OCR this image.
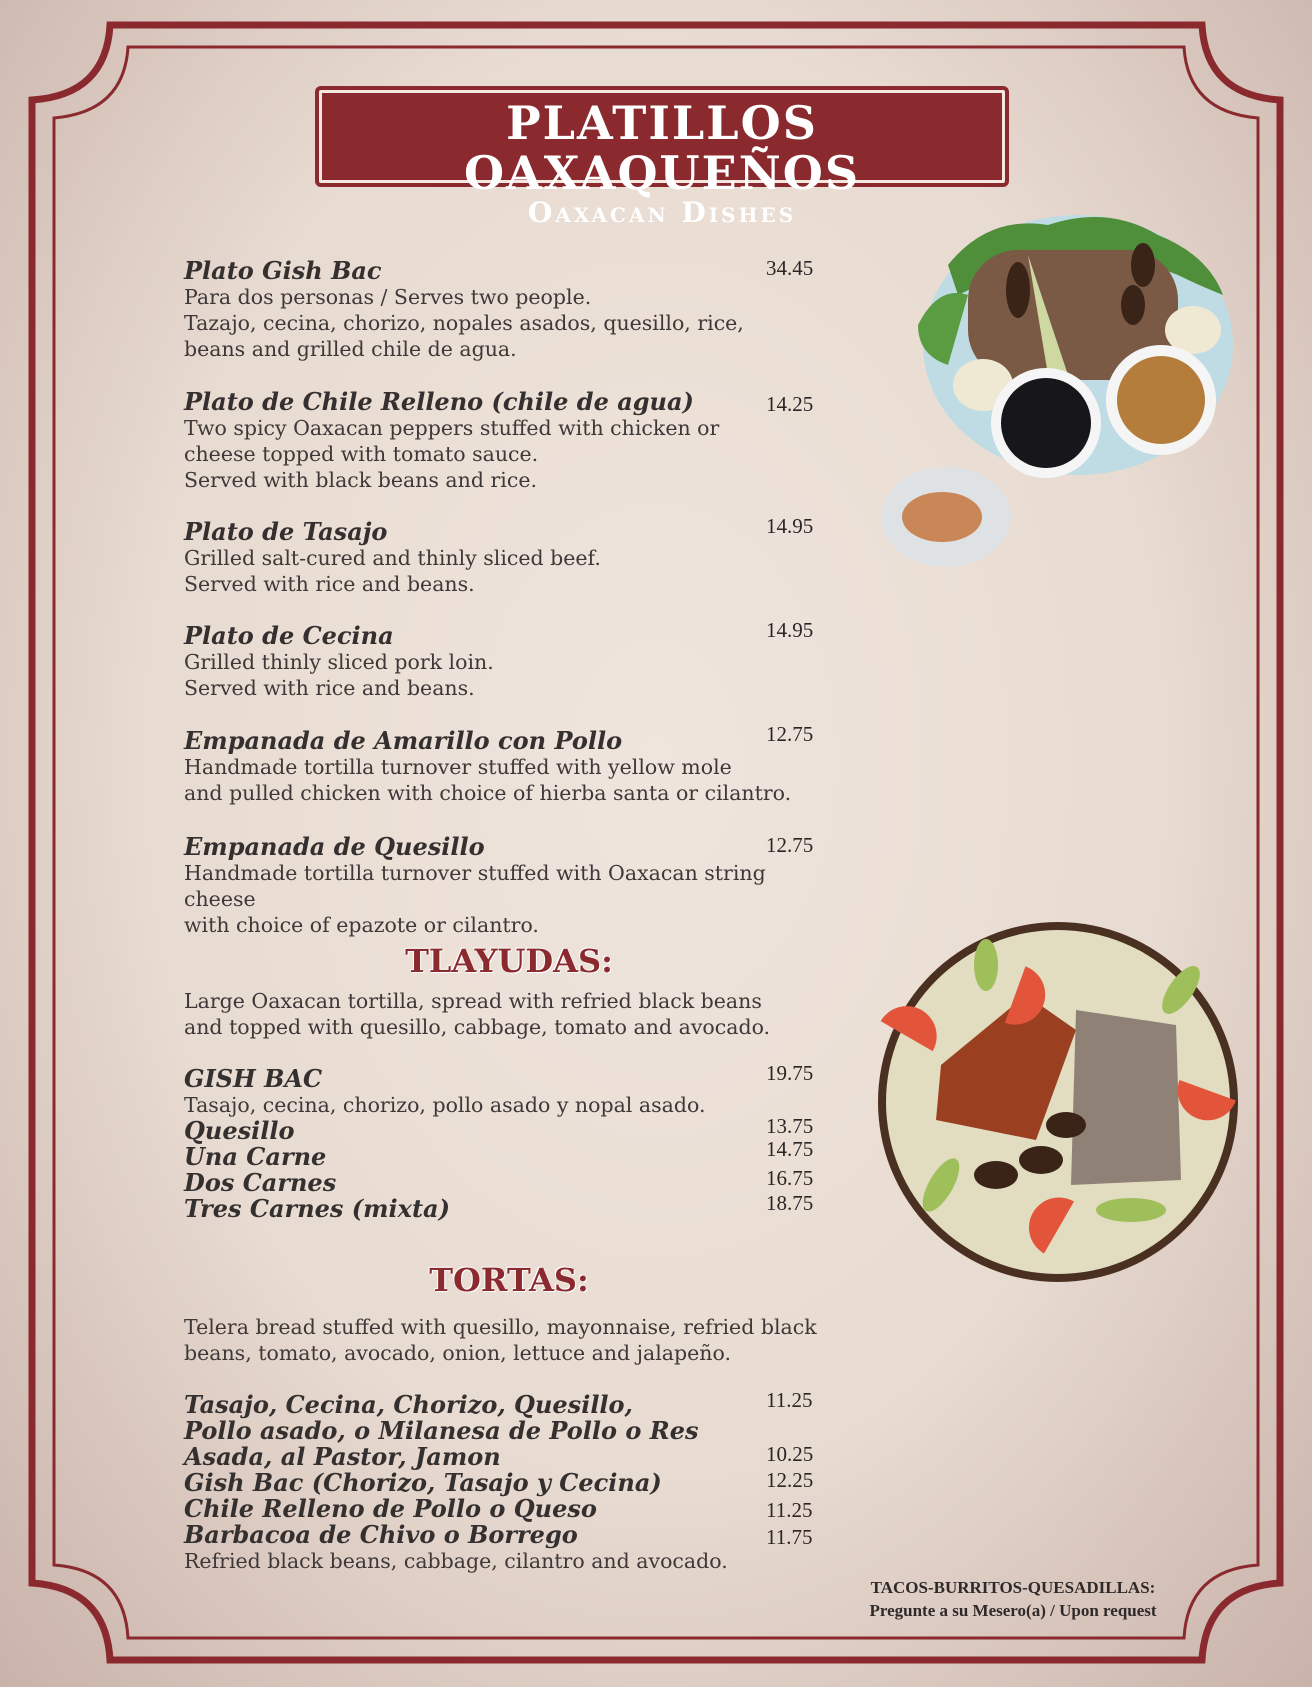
PLATILLOS OAXAQUEÑOS
Oaxacan Dishes
Plato Gish Bac
Para dos personas / Serves two people.
Tazajo, cecina, chorizo, nopales asados, quesillo, rice,
beans and grilled chile de agua.
34.45
Plato de Chile Relleno (chile de agua)
Two spicy Oaxacan peppers stuffed with chicken or
cheese topped with tomato sauce.
Served with black beans and rice.
14.25
Plato de Tasajo
Grilled salt-cured and thinly sliced beef.
Served with rice and beans.
14.95
Plato de Cecina
Grilled thinly sliced pork loin.
Served with rice and beans.
14.95
Empanada de Amarillo con Pollo
Handmade tortilla turnover stuffed with yellow mole
and pulled chicken with choice of hierba santa or cilantro.
12.75
Empanada de Quesillo
Handmade tortilla turnover stuffed with Oaxacan string cheese
with choice of epazote or cilantro.
12.75
TLAYUDAS:
Large Oaxacan tortilla, spread with refried black beans
and topped with quesillo, cabbage, tomato and avocado.
GISH BAC
Tasajo, cecina, chorizo, pollo asado y nopal asado.
Quesillo
Una Carne
Dos Carnes
Tres Carnes (mixta)
19.75
13.75
14.75
16.75
18.75
TORTAS:
Telera bread stuffed with quesillo, mayonnaise, refried black
beans, tomato, avocado, onion, lettuce and jalapeño.
Tasajo, Cecina, Chorizo, Quesillo,
Pollo asado, o Milanesa de Pollo o Res
Asada, al Pastor, Jamon
Gish Bac (Chorizo, Tasajo y Cecina)
Chile Relleno de Pollo o Queso
Barbacoa de Chivo o Borrego
Refried black beans, cabbage, cilantro and avocado.
11.25
10.25
12.25
11.25
11.75
TACOS-BURRITOS-QUESADILLAS:
Pregunte a su Mesero(a) / Upon request
